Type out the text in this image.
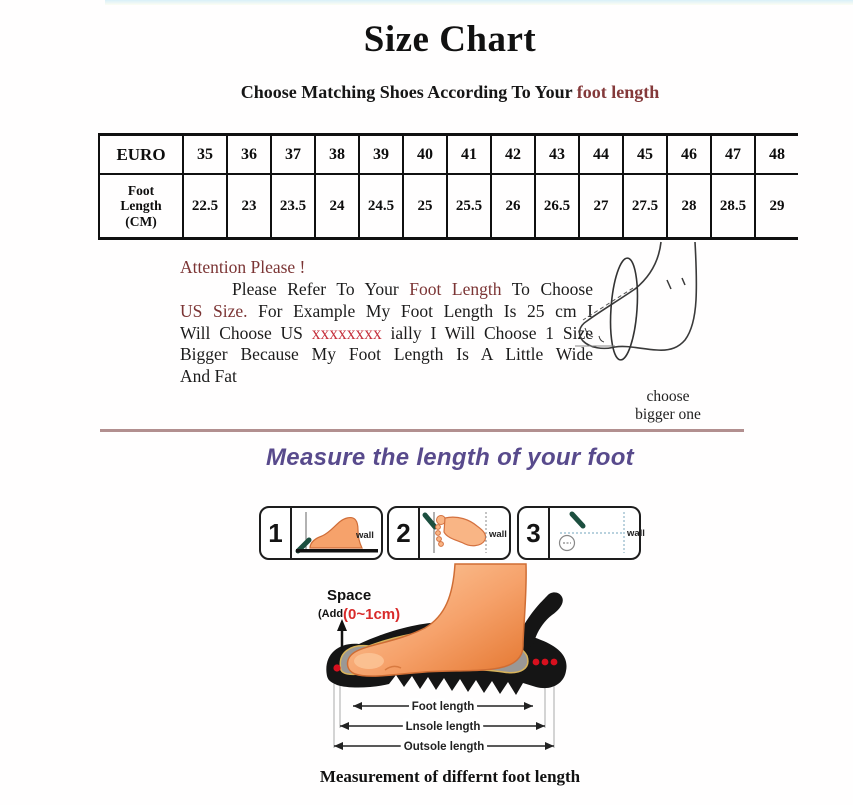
Size Chart
Choose Matching Shoes According To Your foot length
EURO	35	36	37	38	39	40	41	42	43	44	45	46	47	48

Foot
Length
(CM)	22.5	23	23.5	24	24.5	25	25.5	26	26.5	27	27.5	28	28.5	29
Attention Please !
Please Refer To Your Foot Length To Choose
US Size. For Example My Foot Length Is 25 cm I
Will Choose US xxxxxxxx ially I Will Choose 1 Size
Bigger Because My Foot Length Is A Little Wide
And Fat
choose
bigger one
Measure the length of your foot
1	wall 2	wall 3	wall
Space
(Add (0~1cm)
Foot length
Lnsole length
Outsole length
Measurement of differnt foot length
